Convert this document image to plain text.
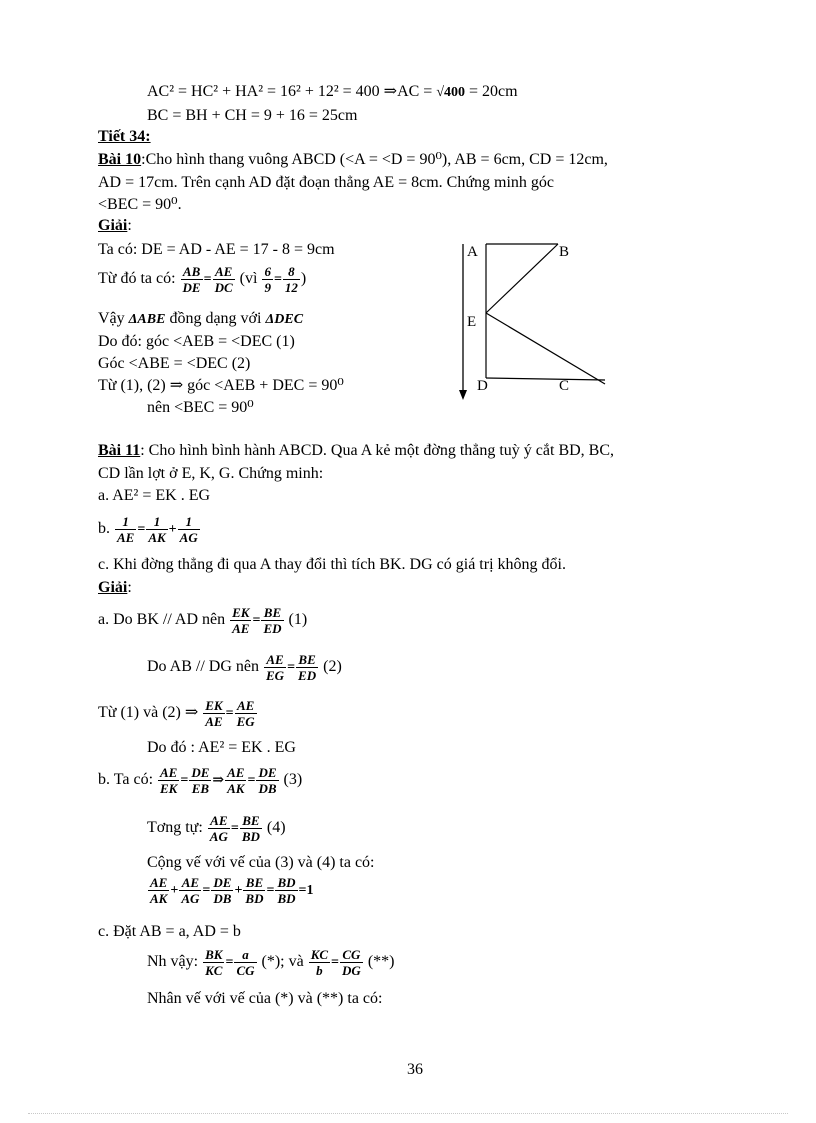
AC² = HC² + HA² = 16² + 12² = 400 ⇒AC = √400 = 20cm
BC = BH + CH = 9 + 16 = 25cm
Tiết 34:
Bài 10:Cho hình thang vuông ABCD (<A = <D = 90⁰), AB = 6cm, CD = 12cm,
AD = 17cm. Trên cạnh AD đặt đoạn thẳng AE = 8cm. Chứng minh góc
<BEC = 90⁰.
Giải:
Ta có: DE = AD - AE = 17 - 8 = 9cm
Từ đó ta có: $\frac{AB}{DE} = \frac{AE}{DC}$ (vì $\frac{6}{9} = \frac{8}{12}$ )
Vậy ΔABE đồng dạng với ΔDEC
Do đó: góc <AEB = <DEC (1)
Góc <ABE = <DEC (2)
Từ (1), (2) ⇒ góc <AEB + DEC = 90⁰
nên <BEC = 90⁰
A	B
E
D	C
Bài 11: Cho hình bình hành ABCD. Qua A kẻ một đờng thẳng tuỳ ý cắt BD, BC,
CD lần lợt ở E, K, G. Chứng minh:
a. AE² = EK . EG
b. $\frac{1}{AE} = \frac{1}{AK} + \frac{1}{AG}$
c. Khi đờng thẳng đi qua A thay đổi thì tích BK. DG có giá trị không đổi.
Giải:
a. Do BK // AD nên $\frac{EK}{AE} = \frac{BE}{ED} (1)$
Do AB // DG nên $\frac{AE}{EG} = \frac{BE}{ED} (2)$
Từ (1) và (2) ⇒ $\frac{EK}{AE} = \frac{AE}{EG}$
Do đó : AE² = EK . EG
b. Ta có: $\frac{AE}{EK} = \frac{DE}{EB}$ ⇒ $\frac{AE}{AK} = \frac{DE}{DB} (3)$
Tơng tự: $\frac{AE}{AG} = \frac{BE}{BD} (4)$
Cộng vế với vế của (3) và (4) ta có:
$\frac{AE}{AK} + \frac{AE}{AG} = \frac{DE}{DB} + \frac{BE}{BD} = \frac{BD}{BD} =1$
c. Đặt AB = a, AD = b
Nh vậy: $\frac{BK}{KC} = \frac{a}{CG}$ (*); và $\frac{KC}{b} = \frac{CG}{DG}$ (**)
Nhân vế với vế của (*) và (**) ta có:
36
